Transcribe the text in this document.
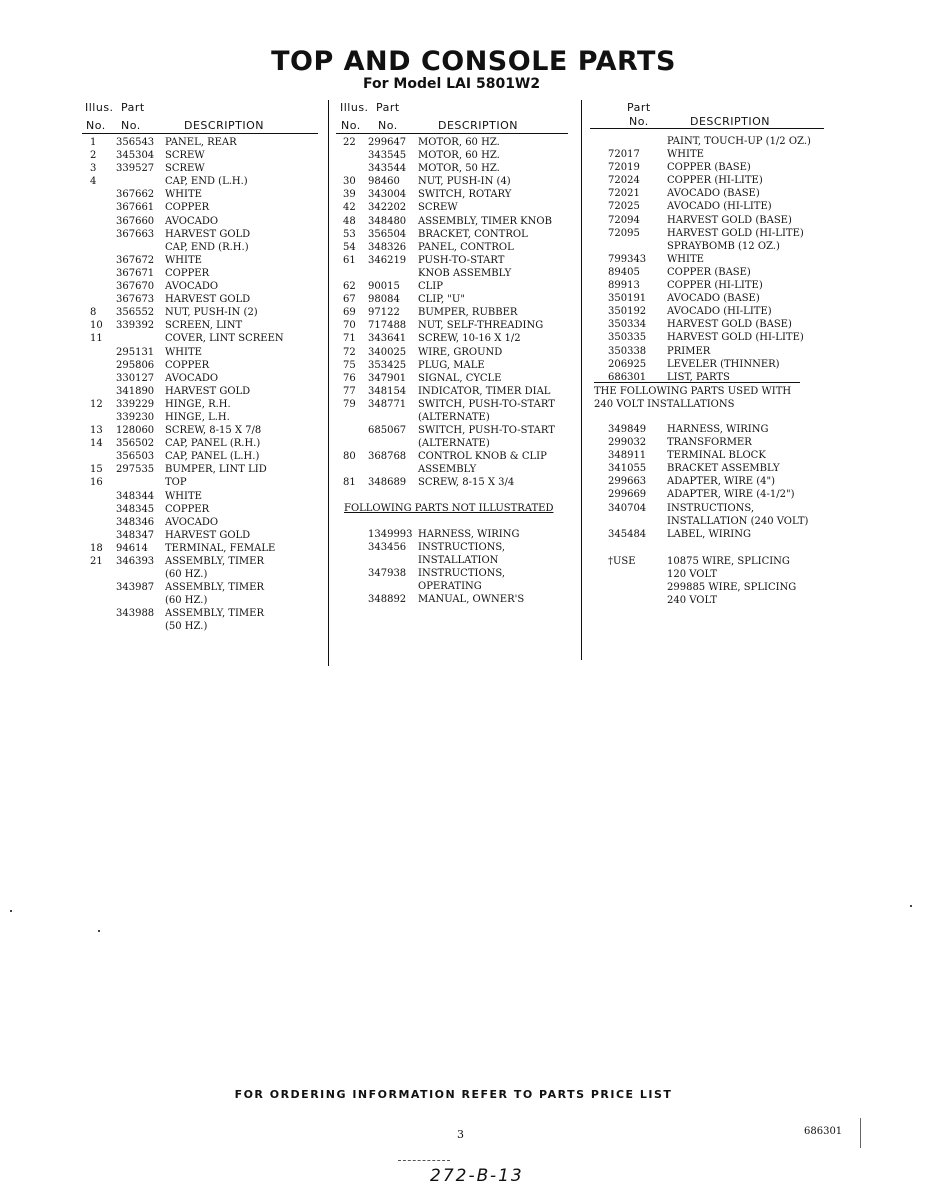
TOP AND CONSOLE PARTS
For Model LAI 5801W2
Illus. Part
No. No.	DESCRIPTION
Illus. Part
No. No.	DESCRIPTION
Part
No.	DESCRIPTION
1 356543 PANEL, REAR
2 345304 SCREW
3 339527 SCREW
4	CAP, END (L.H.)
367662 WHITE
367661 COPPER
367660 AVOCADO
367663 HARVEST GOLD
CAP, END (R.H.)
367672 WHITE
367671 COPPER
367670 AVOCADO
367673 HARVEST GOLD
8 356552 NUT, PUSH-IN (2)
10 339392 SCREEN, LINT
11	COVER, LINT SCREEN
295131 WHITE
295806 COPPER
330127 AVOCADO
341890 HARVEST GOLD
12 339229 HINGE, R.H.
339230 HINGE, L.H.
13 128060 SCREW, 8-15 X 7/8
14 356502 CAP, PANEL (R.H.)
356503 CAP, PANEL (L.H.)
15 297535 BUMPER, LINT LID
16	TOP
348344 WHITE
348345 COPPER
348346 AVOCADO
348347 HARVEST GOLD
18 94614 TERMINAL, FEMALE
21 346393 ASSEMBLY, TIMER
(60 HZ.)
343987 ASSEMBLY, TIMER
(60 HZ.)
343988 ASSEMBLY, TIMER
(50 HZ.)
22 299647 MOTOR, 60 HZ.
343545 MOTOR, 60 HZ.
343544 MOTOR, 50 HZ.
30 98460 NUT, PUSH-IN (4)
39 343004 SWITCH, ROTARY
42 342202 SCREW
48 348480 ASSEMBLY, TIMER KNOB
53 356504 BRACKET, CONTROL
54 348326 PANEL, CONTROL
61 346219 PUSH-TO-START
KNOB ASSEMBLY
62 90015 CLIP
67 98084 CLIP, "U"
69 97122 BUMPER, RUBBER
70 717488 NUT, SELF-THREADING
71 343641 SCREW, 10-16 X 1/2
72 340025 WIRE, GROUND
75 353425 PLUG, MALE
76 347901 SIGNAL, CYCLE
77 348154 INDICATOR, TIMER DIAL
79 348771 SWITCH, PUSH-TO-START
(ALTERNATE)
685067 SWITCH, PUSH-TO-START
(ALTERNATE)
80 368768 CONTROL KNOB & CLIP
ASSEMBLY
81 348689 SCREW, 8-15 X 3/4
FOLLOWING PARTS NOT ILLUSTRATED
1349993 HARNESS, WIRING
343456 INSTRUCTIONS,
INSTALLATION
347938 INSTRUCTIONS,
OPERATING
348892 MANUAL, OWNER'S
PAINT, TOUCH-UP (1/2 OZ.)
72017	WHITE
72019	COPPER (BASE)
72024	COPPER (HI-LITE)
72021	AVOCADO (BASE)
72025	AVOCADO (HI-LITE)
72094	HARVEST GOLD (BASE)
72095	HARVEST GOLD (HI-LITE)
SPRAYBOMB (12 OZ.)
799343 WHITE
89405	COPPER (BASE)
89913	COPPER (HI-LITE)
350191 AVOCADO (BASE)
350192 AVOCADO (HI-LITE)
350334 HARVEST GOLD (BASE)
350335 HARVEST GOLD (HI-LITE)
350338 PRIMER
206925 LEVELER (THINNER)
686301 LIST, PARTS
THE FOLLOWING PARTS USED WITH
240 VOLT INSTALLATIONS
349849 HARNESS, WIRING
299032 TRANSFORMER
348911 TERMINAL BLOCK
341055 BRACKET ASSEMBLY
299663 ADAPTER, WIRE (4")
299669 ADAPTER, WIRE (4-1/2")
340704 INSTRUCTIONS,
INSTALLATION (240 VOLT)
345484 LABEL, WIRING
†USE	10875 WIRE, SPLICING
120 VOLT
299885 WIRE, SPLICING
240 VOLT
FOR ORDERING INFORMATION REFER TO PARTS PRICE LIST
3	686301
272-B-13
